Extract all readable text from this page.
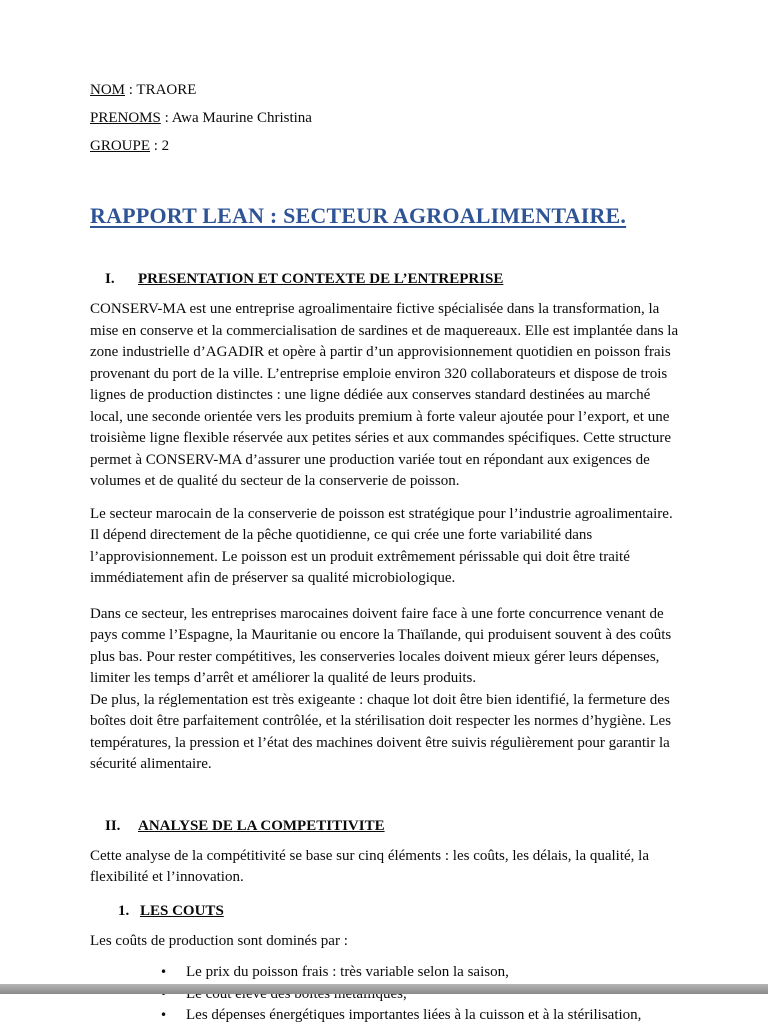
NOM : TRAORE
PRENOMS : Awa Maurine Christina
GROUPE : 2
RAPPORT LEAN : SECTEUR AGROALIMENTAIRE.
I.	PRESENTATION ET CONTEXTE DE L’ENTREPRISE
CONSERV-MA est une entreprise agroalimentaire fictive spécialisée dans la transformation, la mise en conserve et la commercialisation de sardines et de maquereaux. Elle est implantée dans la zone industrielle d’AGADIR et opère à partir d’un approvisionnement quotidien en poisson frais provenant du port de la ville. L’entreprise emploie environ 320 collaborateurs et dispose de trois lignes de production distinctes : une ligne dédiée aux conserves standard destinées au marché local, une seconde orientée vers les produits premium à forte valeur ajoutée pour l’export, et une troisième ligne flexible réservée aux petites séries et aux commandes spécifiques. Cette structure permet à CONSERV-MA d’assurer une production variée tout en répondant aux exigences de volumes et de qualité du secteur de la conserverie de poisson.
Le secteur marocain de la conserverie de poisson est stratégique pour l’industrie agroalimentaire. Il dépend directement de la pêche quotidienne, ce qui crée une forte variabilité dans l’approvisionnement. Le poisson est un produit extrêmement périssable qui doit être traité immédiatement afin de préserver sa qualité microbiologique.
Dans ce secteur, les entreprises marocaines doivent faire face à une forte concurrence venant de pays comme l’Espagne, la Mauritanie ou encore la Thaïlande, qui produisent souvent à des coûts plus bas. Pour rester compétitives, les conserveries locales doivent mieux gérer leurs dépenses, limiter les temps d’arrêt et améliorer la qualité de leurs produits.
De plus, la réglementation est très exigeante : chaque lot doit être bien identifié, la fermeture des boîtes doit être parfaitement contrôlée, et la stérilisation doit respecter les normes d’hygiène. Les températures, la pression et l’état des machines doivent être suivis régulièrement pour garantir la sécurité alimentaire.
II.	ANALYSE DE LA COMPETITIVITE
Cette analyse de la compétitivité se base sur cinq éléments : les coûts, les délais, la qualité, la flexibilité et l’innovation.
1. LES COUTS
Les coûts de production sont dominés par :
•	Le prix du poisson frais : très variable selon la saison,
•	Les dépenses énergétiques importantes liées à la cuisson et à la stérilisation,
